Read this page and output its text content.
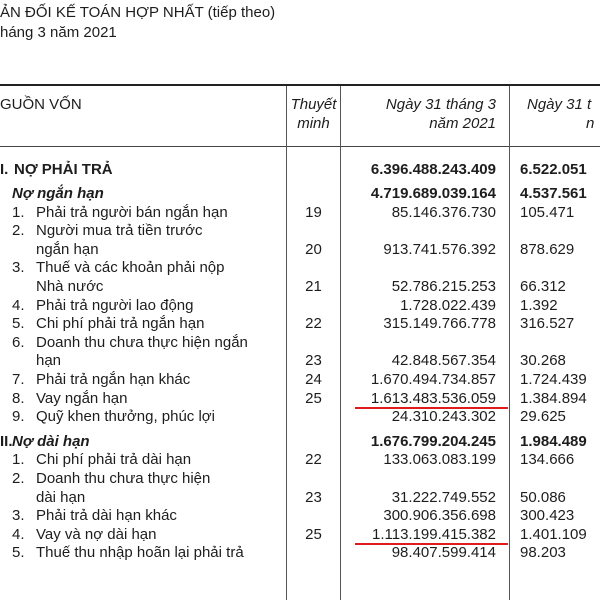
ẢN ĐỐI KẾ TOÁN HỢP NHẤT (tiếp theo)
háng 3 năm 2021
GUỒN VỐN	Thuyết
minh
Ngày 31 tháng 3
năm 2021
Ngày 31 t
n
I. NỢ PHẢI TRẢ	6.396.488.243.409 6.522.051
Nợ ngắn hạn	4.719.689.039.164 4.537.561
1. Phải trả người bán ngắn hạn	19	85.146.376.730 105.471
2. Người mua trả tiền trước
ngắn hạn	20	913.741.576.392 878.629
3. Thuế và các khoản phải nộp
Nhà nước	21	52.786.215.253 66.312
4. Phải trả người lao động	1.728.022.439 1.392
5. Chi phí phải trả ngắn hạn	22	315.149.766.778 316.527
6. Doanh thu chưa thực hiện ngắn
hạn	23	42.848.567.354 30.268
7. Phải trả ngắn hạn khác	24	1.670.494.734.857 1.724.439
8. Vay ngắn hạn	25	1.613.483.536.059 1.384.894
9. Quỹ khen thưởng, phúc lợi	24.310.243.302 29.625
II. Nợ dài hạn	1.676.799.204.245 1.984.489
1. Chi phí phải trả dài hạn	22	133.063.083.199 134.666
2. Doanh thu chưa thực hiện
dài hạn	23	31.222.749.552 50.086
3. Phải trả dài hạn khác	300.906.356.698 300.423
4. Vay và nợ dài hạn	25	1.113.199.415.382 1.401.109
5. Thuế thu nhập hoãn lại phải trả	98.407.599.414 98.203
